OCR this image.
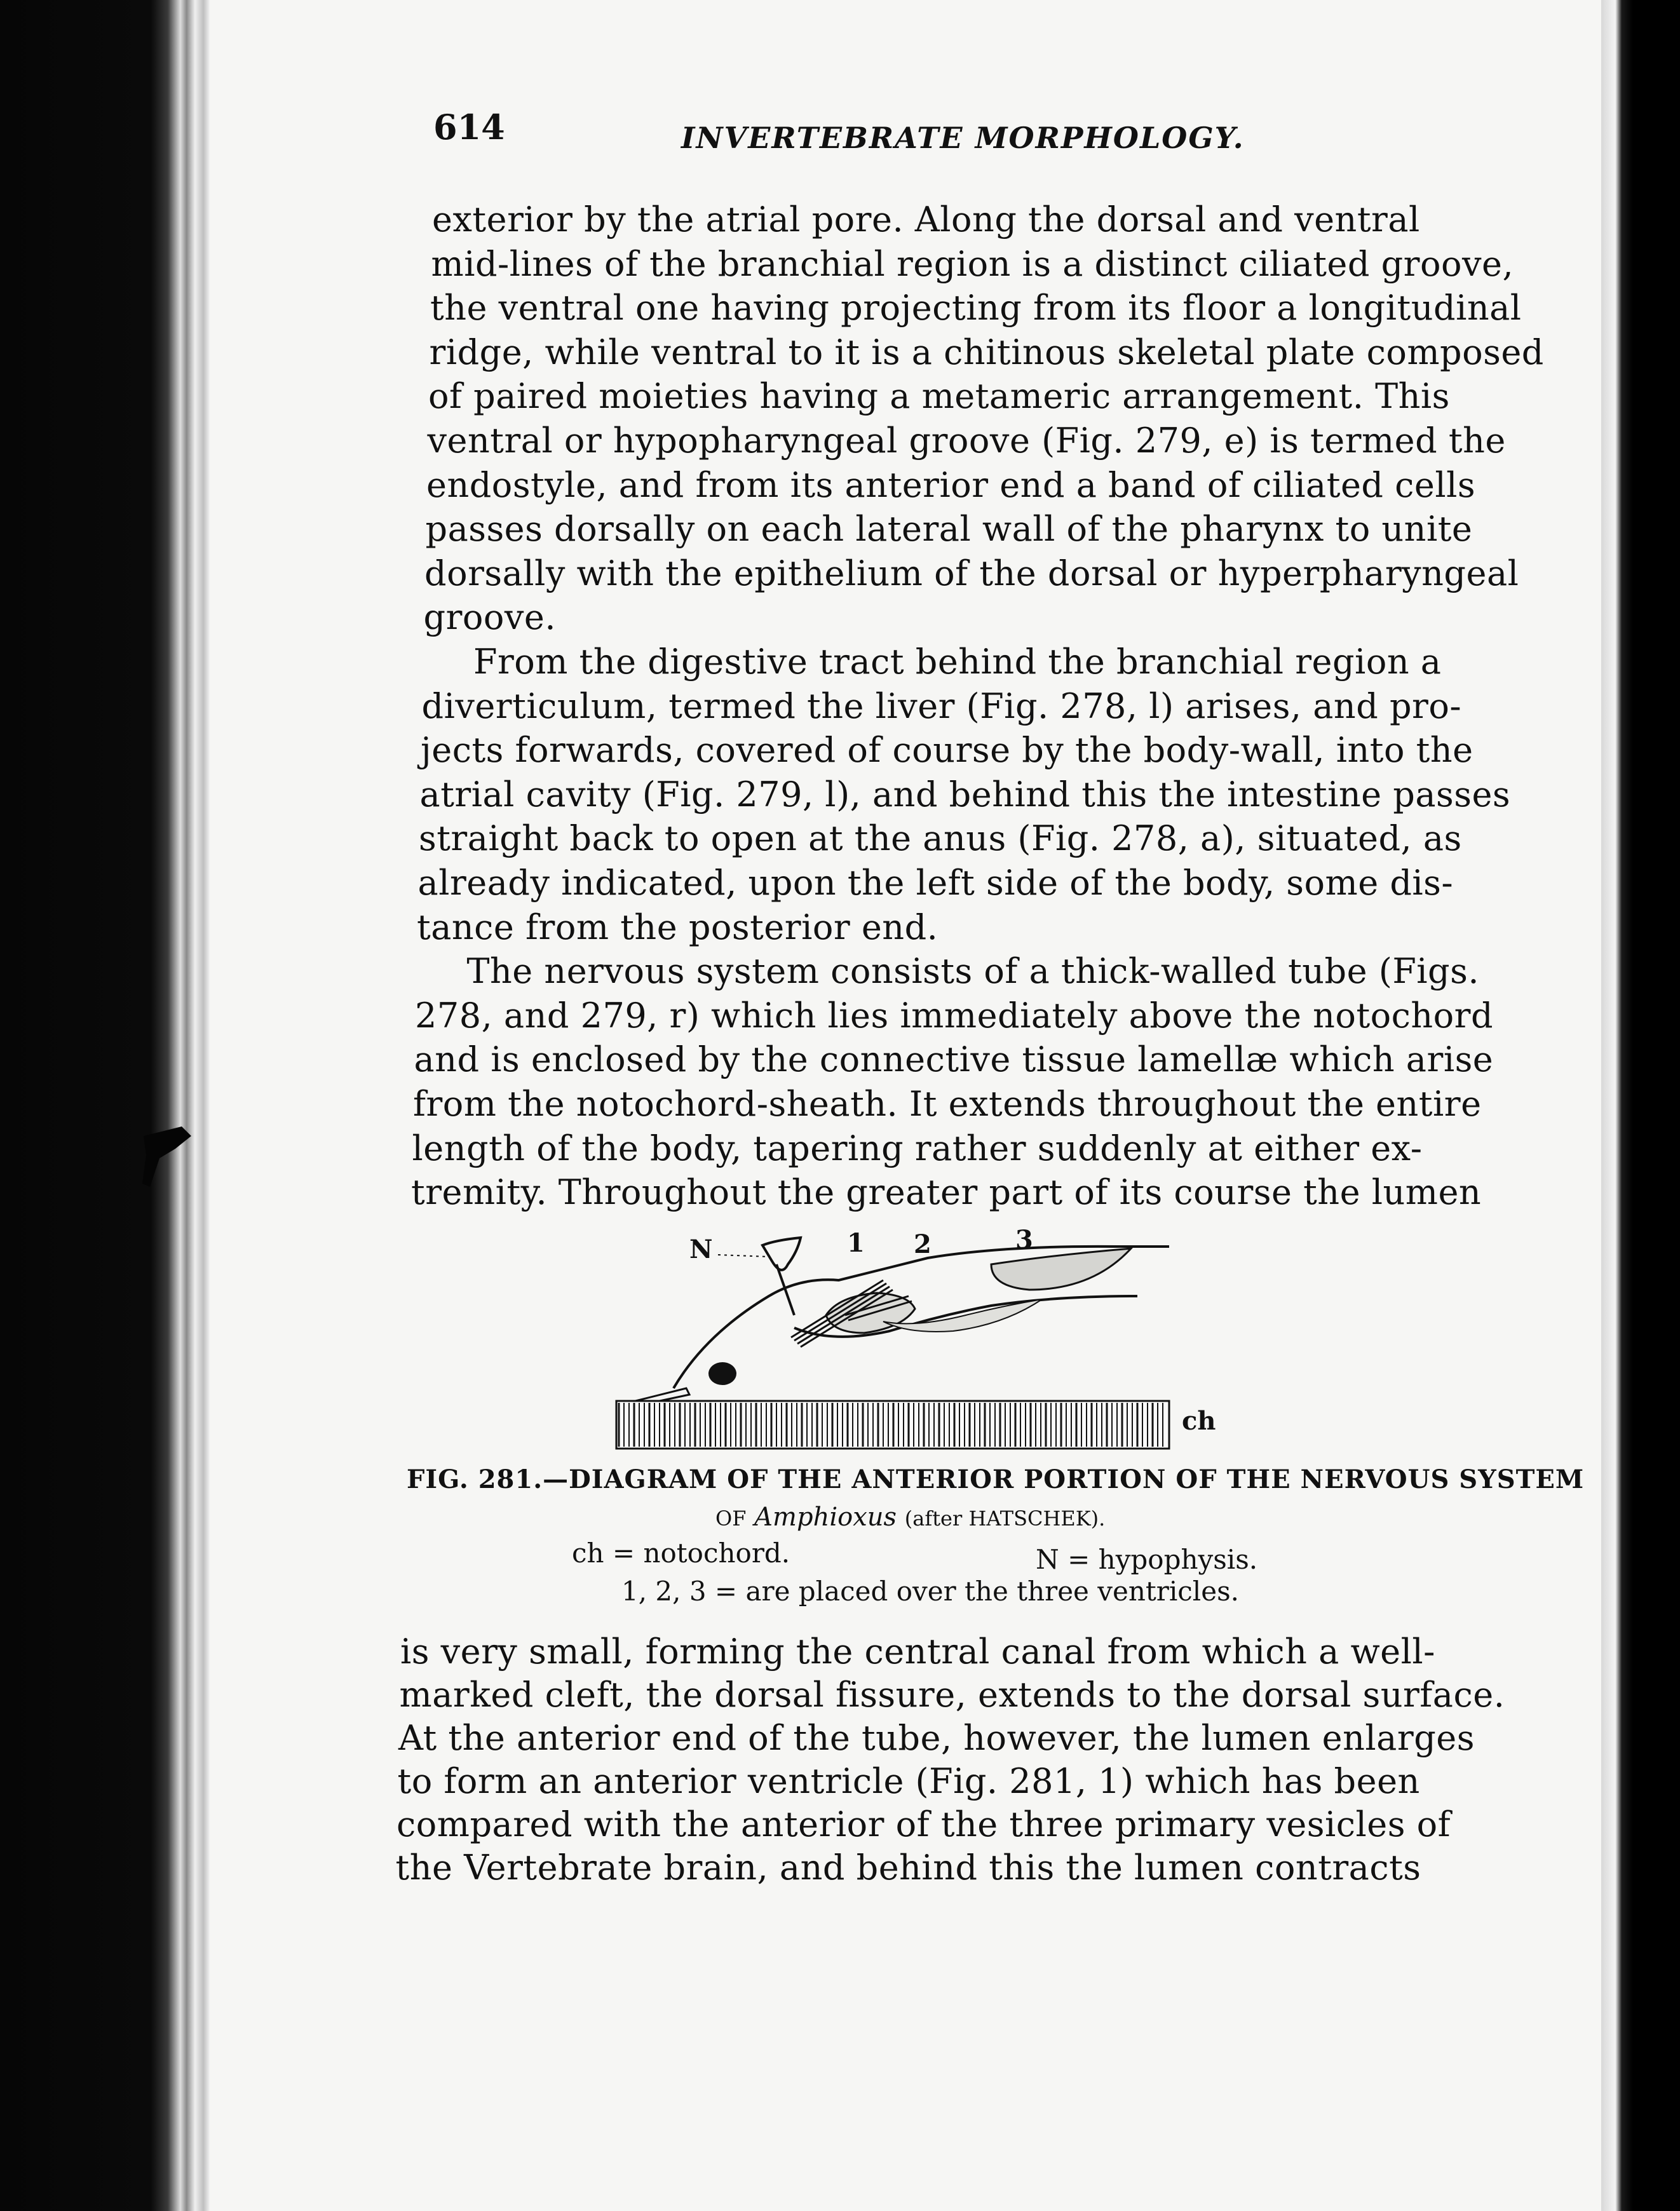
614	INVERTEBRATE MORPHOLOGY.
exterior by the atrial pore. Along the dorsal and ventral
mid-lines of the branchial region is a distinct ciliated groove,
the ventral one having projecting from its floor a longitudinal
ridge, while ventral to it is a chitinous skeletal plate composed
of paired moieties having a metameric arrangement. This
ventral or hypopharyngeal groove (Fig. 279, e) is termed the
endostyle, and from its anterior end a band of ciliated cells
passes dorsally on each lateral wall of the pharynx to unite
dorsally with the epithelium of the dorsal or hyperpharyngeal
groove.
From the digestive tract behind the branchial region a
diverticulum, termed the liver (Fig. 278, l) arises, and pro-
jects forwards, covered of course by the body-wall, into the
atrial cavity (Fig. 279, l), and behind this the intestine passes
straight back to open at the anus (Fig. 278, a), situated, as
already indicated, upon the left side of the body, some dis-
tance from the posterior end.
The nervous system consists of a thick-walled tube (Figs.
278, and 279, r) which lies immediately above the notochord
and is enclosed by the connective tissue lamellæ which arise
from the notochord-sheath. It extends throughout the entire
length of the body, tapering rather suddenly at either ex-
tremity. Throughout the greater part of its course the lumen
N	1 2	3
ch
FIG. 281.—DIAGRAM OF THE ANTERIOR PORTION OF THE NERVOUS SYSTEM
OF Amphioxus (after HATSCHEK).
ch = notochord.	N = hypophysis.
1, 2, 3 = are placed over the three ventricles.
is very small, forming the central canal from which a well-
marked cleft, the dorsal fissure, extends to the dorsal surface.
At the anterior end of the tube, however, the lumen enlarges
to form an anterior ventricle (Fig. 281, 1) which has been
compared with the anterior of the three primary vesicles of
the Vertebrate brain, and behind this the lumen contracts
